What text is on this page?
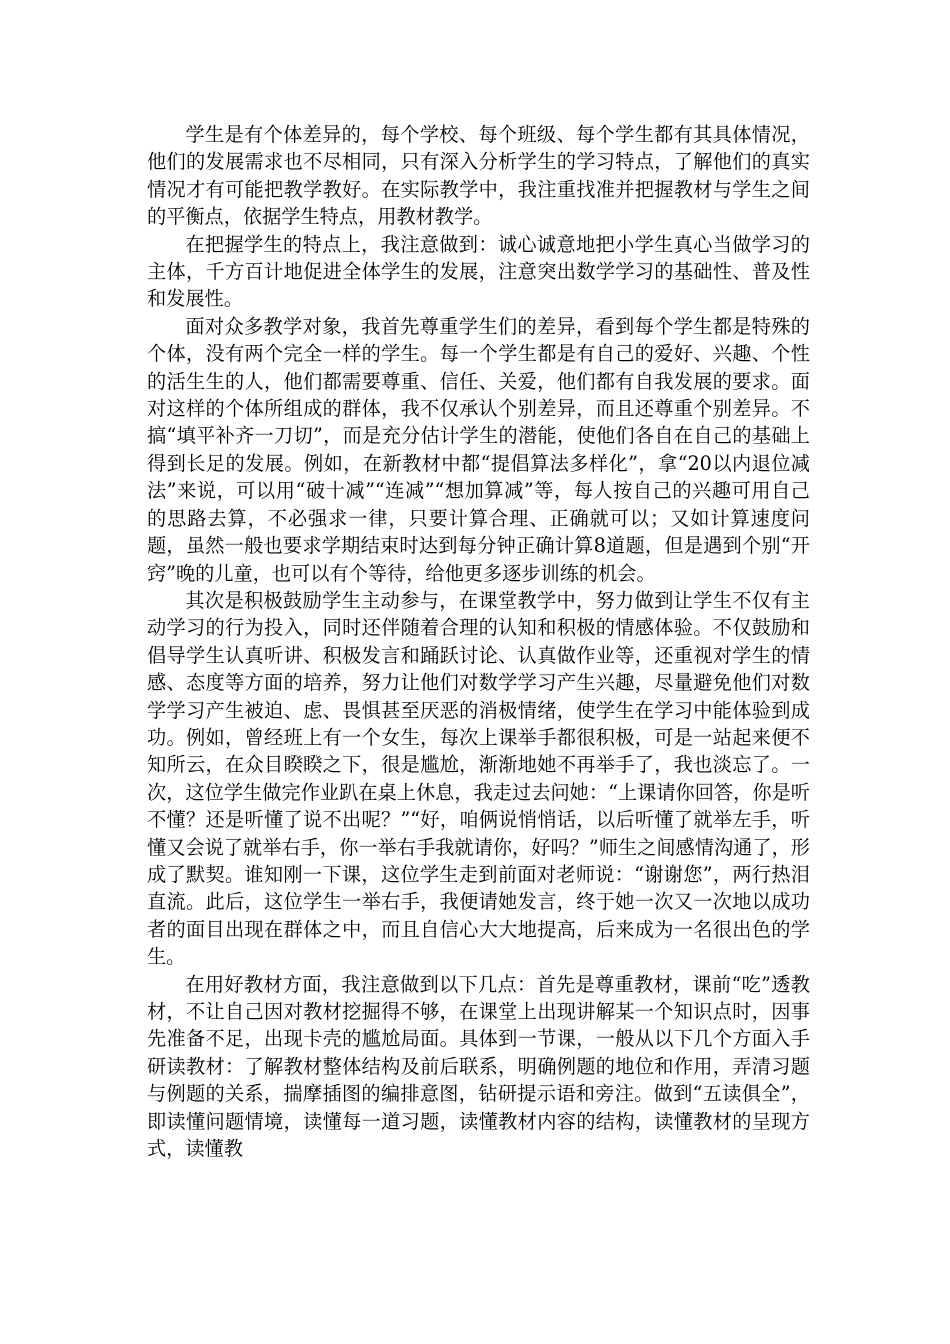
学生是有个体差异的，每个学校、每个班级、每个学生都有其具体情况，他们的发展需求也不尽相同，只有深入分析学生的学习特点，了解他们的真实情况才有可能把教学教好。在实际教学中，我注重找准并把握教材与学生之间的平衡点，依据学生特点，用教材教学。

在把握学生的特点上，我注意做到：诚心诚意地把小学生真心当做学习的主体，千方百计地促进全体学生的发展，注意突出数学学习的基础性、普及性和发展性。

面对众多教学对象，我首先尊重学生们的差异，看到每个学生都是特殊的个体，没有两个完全一样的学生。每一个学生都是有自己的爱好、兴趣、个性的活生生的人，他们都需要尊重、信任、关爱，他们都有自我发展的要求。面对这样的个体所组成的群体，我不仅承认个别差异，而且还尊重个别差异。不搞“填平补齐一刀切”，而是充分估计学生的潜能，使他们各自在自己的基础上得到长足的发展。例如，在新教材中都“提倡算法多样化”，拿“20以内退位减法”来说，可以用“破十减”“连减”“想加算减”等，每人按自己的兴趣可用自己的思路去算，不必强求一律，只要计算合理、正确就可以；又如计算速度问题，虽然一般也要求学期结束时达到每分钟正确计算8道题，但是遇到个别“开窍”晚的儿童，也可以有个等待，给他更多逐步训练的机会。

其次是积极鼓励学生主动参与，在课堂教学中，努力做到让学生不仅有主动学习的行为投入，同时还伴随着合理的认知和积极的情感体验。不仅鼓励和倡导学生认真听讲、积极发言和踊跃讨论、认真做作业等，还重视对学生的情感、态度等方面的培养，努力让他们对数学学习产生兴趣，尽量避免他们对数学学习产生被迫、虑、畏惧甚至厌恶的消极情绪，使学生在学习中能体验到成功。例如，曾经班上有一个女生，每次上课举手都很积极，可是一站起来便不知所云，在众目睽睽之下，很是尴尬，渐渐地她不再举手了，我也淡忘了。一次，这位学生做完作业趴在桌上休息，我走过去问她：“上课请你回答，你是听不懂？还是听懂了说不出呢？”“好，咱俩说悄悄话，以后听懂了就举左手，听懂又会说了就举右手，你一举右手我就请你，好吗？”师生之间感情沟通了，形成了默契。谁知刚一下课，这位学生走到前面对老师说：“谢谢您”，两行热泪直流。此后，这位学生一举右手，我便请她发言，终于她一次又一次地以成功者的面目出现在群体之中，而且自信心大大地提高，后来成为一名很出色的学生。

在用好教材方面，我注意做到以下几点：首先是尊重教材，课前“吃”透教材，不让自己因对教材挖掘得不够，在课堂上出现讲解某一个知识点时，因事先准备不足，出现卡壳的尴尬局面。具体到一节课，一般从以下几个方面入手研读教材：了解教材整体结构及前后联系，明确例题的地位和作用，弄清习题与例题的关系，揣摩插图的编排意图，钻研提示语和旁注。做到“五读俱全”，即读懂问题情境，读懂每一道习题，读懂教材内容的结构，读懂教材的呈现方式，读懂教
